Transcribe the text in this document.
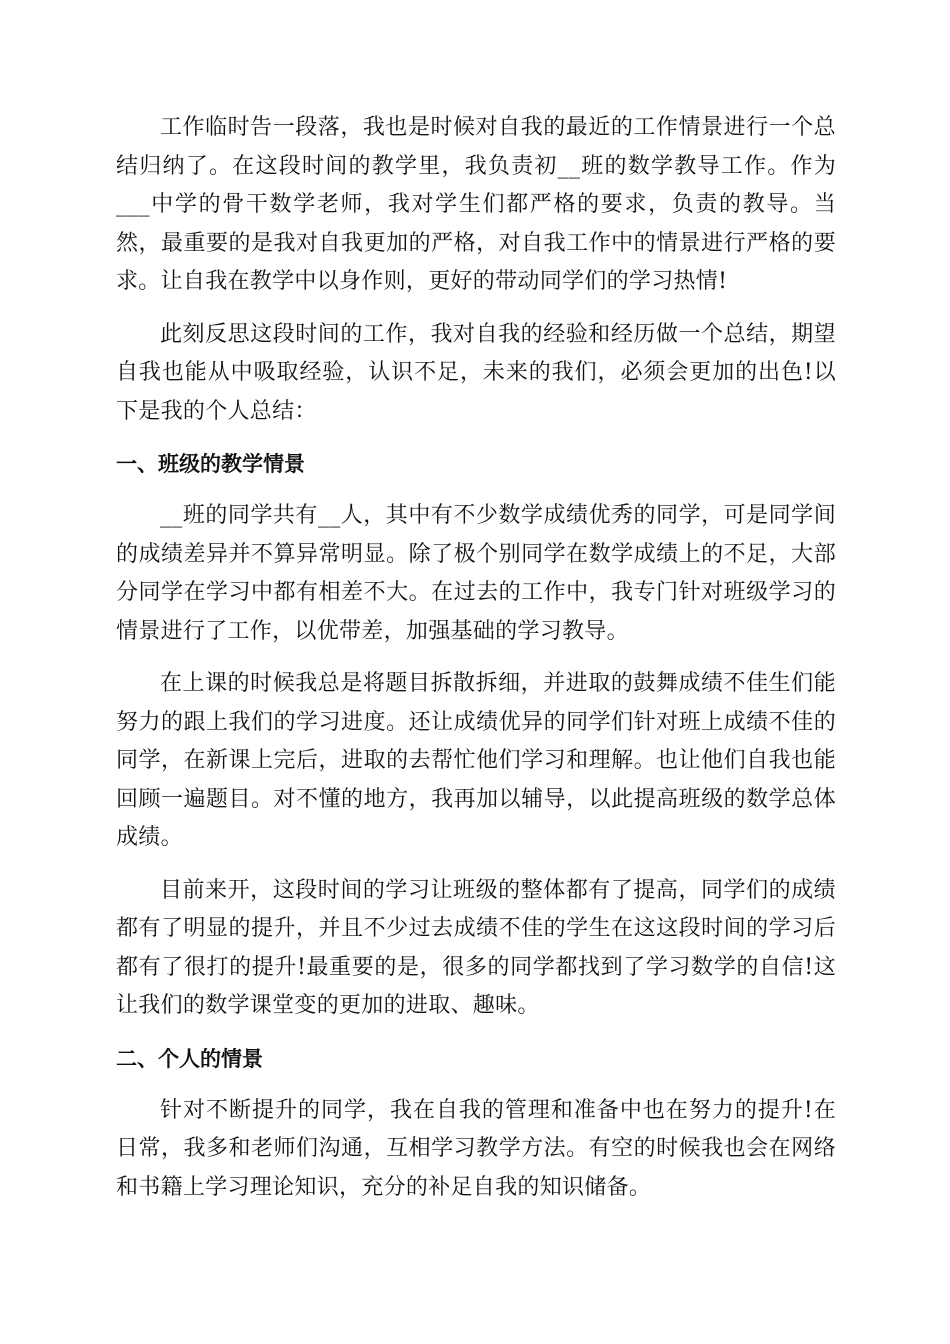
工作临时告一段落，我也是时候对自我的最近的工作情景进行一个总结归纳了。在这段时间的教学里，我负责初__班的数学教导工作。作为___中学的骨干数学老师，我对学生们都严格的要求，负责的教导。当然，最重要的是我对自我更加的严格，对自我工作中的情景进行严格的要求。让自我在教学中以身作则，更好的带动同学们的学习热情!

此刻反思这段时间的工作，我对自我的经验和经历做一个总结，期望自我也能从中吸取经验，认识不足，未来的我们，必须会更加的出色!以下是我的个人总结：

一、班级的教学情景

__班的同学共有__人，其中有不少数学成绩优秀的同学，可是同学间的成绩差异并不算异常明显。除了极个别同学在数学成绩上的不足，大部分同学在学习中都有相差不大。在过去的工作中，我专门针对班级学习的情景进行了工作，以优带差，加强基础的学习教导。

在上课的时候我总是将题目拆散拆细，并进取的鼓舞成绩不佳生们能努力的跟上我们的学习进度。还让成绩优异的同学们针对班上成绩不佳的同学，在新课上完后，进取的去帮忙他们学习和理解。也让他们自我也能回顾一遍题目。对不懂的地方，我再加以辅导，以此提高班级的数学总体成绩。

目前来开，这段时间的学习让班级的整体都有了提高，同学们的成绩都有了明显的提升，并且不少过去成绩不佳的学生在这这段时间的学习后都有了很打的提升!最重要的是，很多的同学都找到了学习数学的自信!这让我们的数学课堂变的更加的进取、趣味。

二、个人的情景

针对不断提升的同学，我在自我的管理和准备中也在努力的提升!在日常，我多和老师们沟通，互相学习教学方法。有空的时候我也会在网络和书籍上学习理论知识，充分的补足自我的知识储备。
